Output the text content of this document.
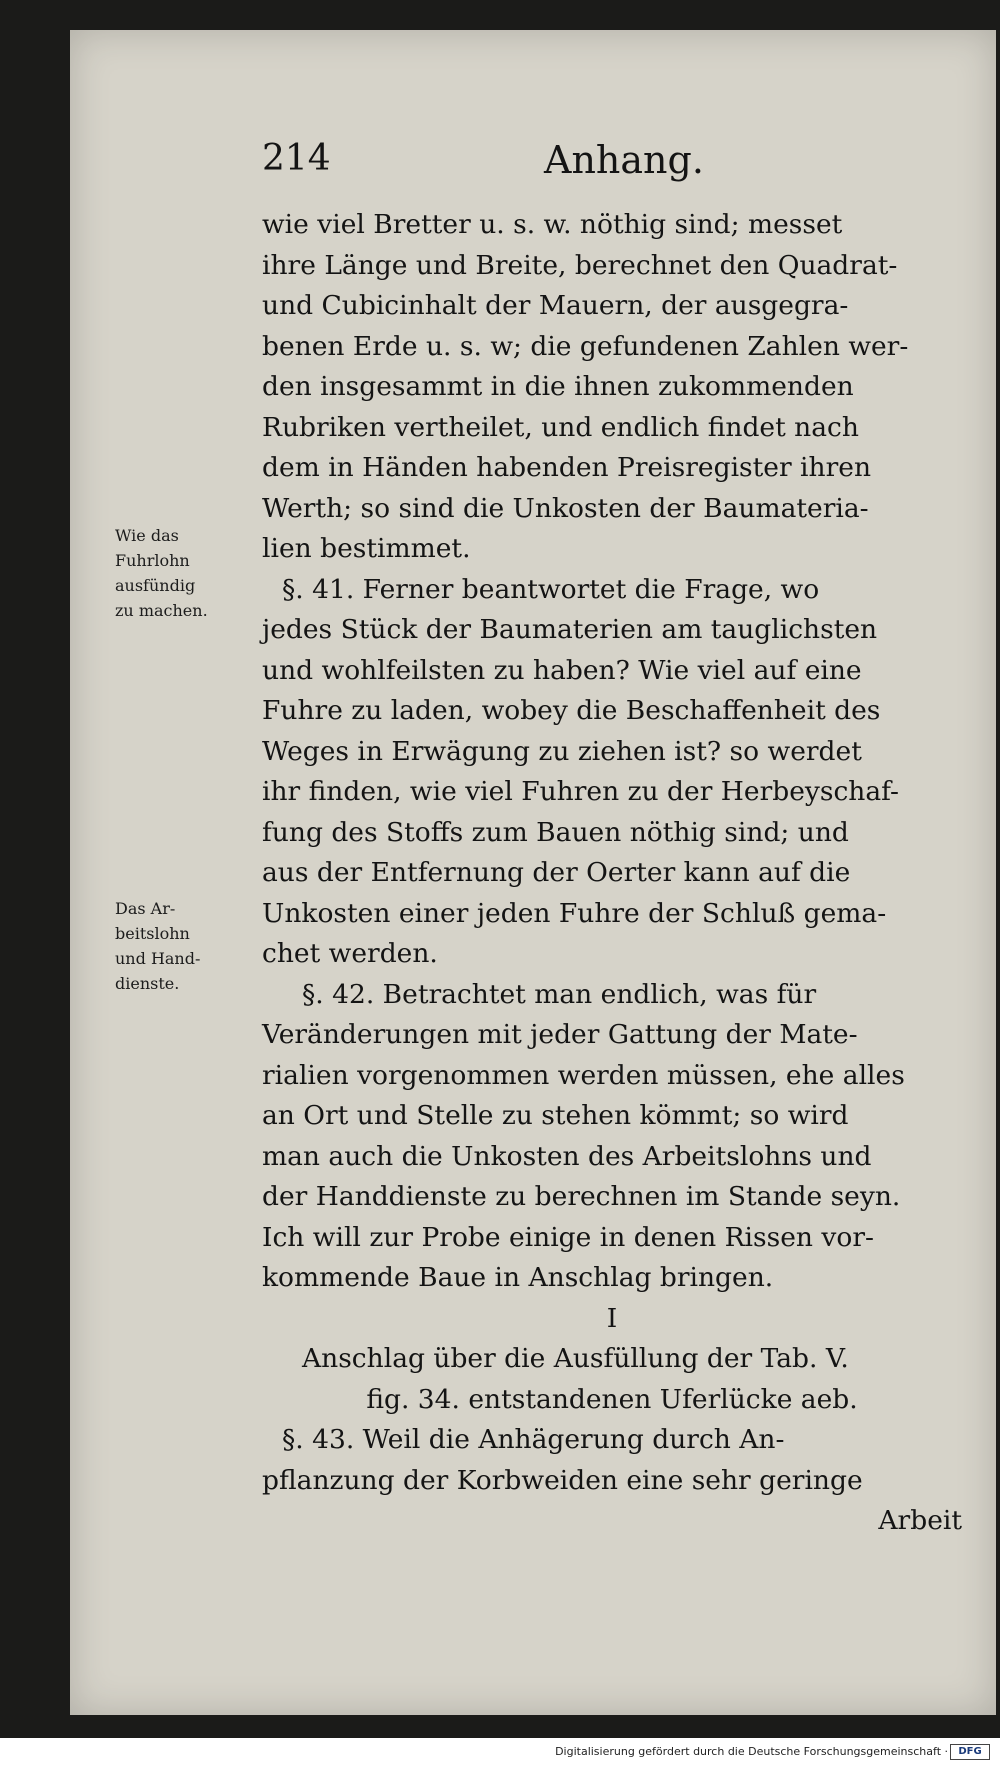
214	Anhang.
Wie das
Fuhrlohn
ausfündig
zu machen.
Das Ar-
beitslohn
und Hand-
dienste.
wie viel Bretter u. s. w. nöthig sind; messet
ihre Länge und Breite, berechnet den Quadrat-
und Cubicinhalt der Mauern, der ausgegra-
benen Erde u. s. w; die gefundenen Zahlen wer-
den insgesammt in die ihnen zukommenden
Rubriken vertheilet, und endlich findet nach
dem in Händen habenden Preisregister ihren
Werth; so sind die Unkosten der Baumateria-
lien bestimmet.
§. 41. Ferner beantwortet die Frage, wo
jedes Stück der Baumaterien am tauglichsten
und wohlfeilsten zu haben? Wie viel auf eine
Fuhre zu laden, wobey die Beschaffenheit des
Weges in Erwägung zu ziehen ist? so werdet
ihr finden, wie viel Fuhren zu der Herbeyschaf-
fung des Stoffs zum Bauen nöthig sind; und
aus der Entfernung der Oerter kann auf die
Unkosten einer jeden Fuhre der Schluß gema-
chet werden.
§. 42. Betrachtet man endlich, was für
Veränderungen mit jeder Gattung der Mate-
rialien vorgenommen werden müssen, ehe alles
an Ort und Stelle zu stehen kömmt; so wird
man auch die Unkosten des Arbeitslohns und
der Handdienste zu berechnen im Stande seyn.
Ich will zur Probe einige in denen Rissen vor-
kommende Baue in Anschlag bringen.
I
Anschlag über die Ausfüllung der Tab. V.
fig. 34. entstandenen Uferlücke aeb.
§. 43. Weil die Anhägerung durch An-
pflanzung der Korbweiden eine sehr geringe
Arbeit
Digitalisierung gefördert durch die Deutsche Forschungsgemeinschaft ·	DFG
